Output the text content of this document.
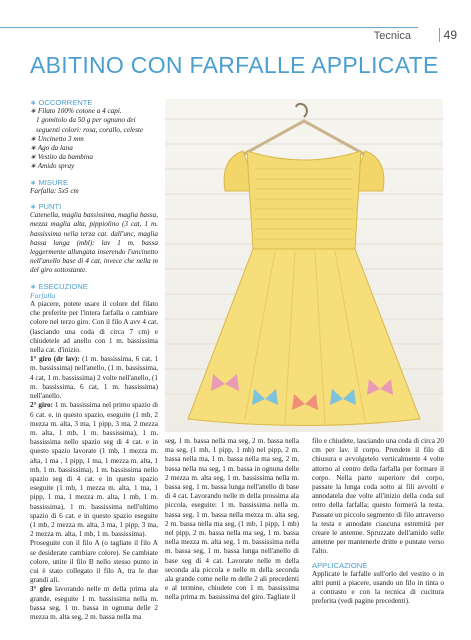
Tecnica	49
ABITINO CON FARFALLE APPLICATE
∗ OCCORRENTE
∗ Filato 100% cotone a 4 capi.
1 gomitolo da 50 g per ognuno dei seguenti colori: rosa, corallo, celeste
∗ Uncinetto 3 mm
∗ Ago da lana
∗ Vestito da bambina
∗ Amido spray
∗ MISURE
Farfalla: 5x5 cm
∗ PUNTI

Catenella, maglia bassissima, maglia bassa, mezza maglia alta, pippiolino (3 cat, 1 m. bassissima nella terza cat. dall'unc, maglia bassa lunga (mbl): lav 1 m. bassa leggermente allungata inserendo l'uncinetto nell'anello base di 4 cat, invece che nella m del giro sottostante.

∗ ESECUZIONE
Farfalla

A piacere, potete usare il colore del filato che preferite per l'intera farfalla o cambiare colore nel terzo giro. Con il filo A avv 4 cat. (lasciando una coda di circa 7 cm) e chiudetele ad anello con 1 m. bassissima nella cat. d'inizio.

1° giro (dr lav): (1 m. bassissima, 6 cat, 1 m. bassissima) nell'anello, (1 m. bassissima, 4 cat, 1 m. bassissima) 2 volte nell'anello, (1 m. bassissima, 6 cat, 1 m. bassissima) nell'anello.

2° giro: 1 m. bassissima nel primo spazio di 6 cat. e, in questo spazio, eseguite (1 mb, 2 mezza m. alta, 3 ma, 1 pipp, 3 ma, 2 mezza m. alta, 1 mb, 1 m. bassissima), 1 m. bassissima nello spazio seg di 4 cat. e in questo spazio lavorate (1 mb, 1 mezza m. alta, 1 ma , 1 pipp, 1 ma, 1 mezza m. alta, 1 mb, 1 m. bassissima), 1 m. bassissima nello spazio seg di 4 cat. e in questo spazio eseguite (1 mb, 1 mezza m. alta, 1 ma, 1 pipp, 1 ma, 1 mezza m. alta, 1 mb, 1 m. bassissima), 1 m. bassissima nell'ultimo spazio di 6 cat. e in questo spazio eseguite (1 mb, 2 mezza m. alta, 3 ma, 1 pipp, 3 ma, 2 mezza m. alta, 1 mb, 1 m. bassissima).

Proseguite con il filo A (o tagliate il filo A se desiderate cambiare colore). Se cambiate colore, unite il filo B nello stesso punto in cui è stato collegato il filo A, tra le due grandi ali.

3° giro lavorando nelle m della prima ala grande, eseguite 1 m. bassissima nella m. bassa seg, 1 m. bassa in ognuna delle 2 mezza m. alta seg, 2 m. bassa nella ma

seg, 1 m. bassa nella ma seg, 2 m. bassa nella ma seg, (1 mb, 1 pipp, 1 mb) nel pipp, 2 m. bassa nella ma, 1 m. bassa nella ma seg, 2 m. bassa nella ma seg, 1 m. bassa in ognuna delle 2 mezza m. alta seg, 1 m. bassissima nella m. bassa seg, 1 m. bassa lunga nell'anello di base di 4 cat. Lavorando nelle m della prossima ala piccola, eseguite: 1 m. bassissima nella m. bassa seg, 1 m. bassa nella mezza m. alta seg, 2 m. bassa nella ma seg, (1 mb, 1 pipp, 1 mb) nel pipp, 2 m. bassa nella ma seg, 1 m. bassa nella mezza m. alta seg, 1 m. bassissima nella m. bassa seg, 1 m. bassa lunga nell'anello di base seg di 4 cat. Lavorate nelle m della seconda ala piccola e nelle m della seconda ala grande come nelle m delle 2 ali precedenti e al termine, chiudete con 1 m. bassissima nella prima m. bassissima del giro. Tagliate il

filo e chiudete, lasciando una coda di circa 20 cm per lav. il corpo. Prendete il filo di chiusura e avvolgetelo verticalmente 4 volte attorno al centro della farfalla per formare il corpo. Nella parte superiore del corpo, passate la lunga coda sotto ai fili avvolti e annodatela due volte all'inizio della coda sul retro della farfalla; questo formerà la testa. Passate un piccolo segmento di filo attraverso la testa e annodate ciascuna estremità per creare le antenne. Spruzzate dell'amido sulle antenne per mantenerle dritte e puntate verso l'alto.

APPLICAZIONE

Applicate le farfalle sull'orlo del vestito o in altri punti a piacere, usando un filo in tinta o a contrasto e con la tecnica di cucitura preferita (vedi pagine precedenti).
